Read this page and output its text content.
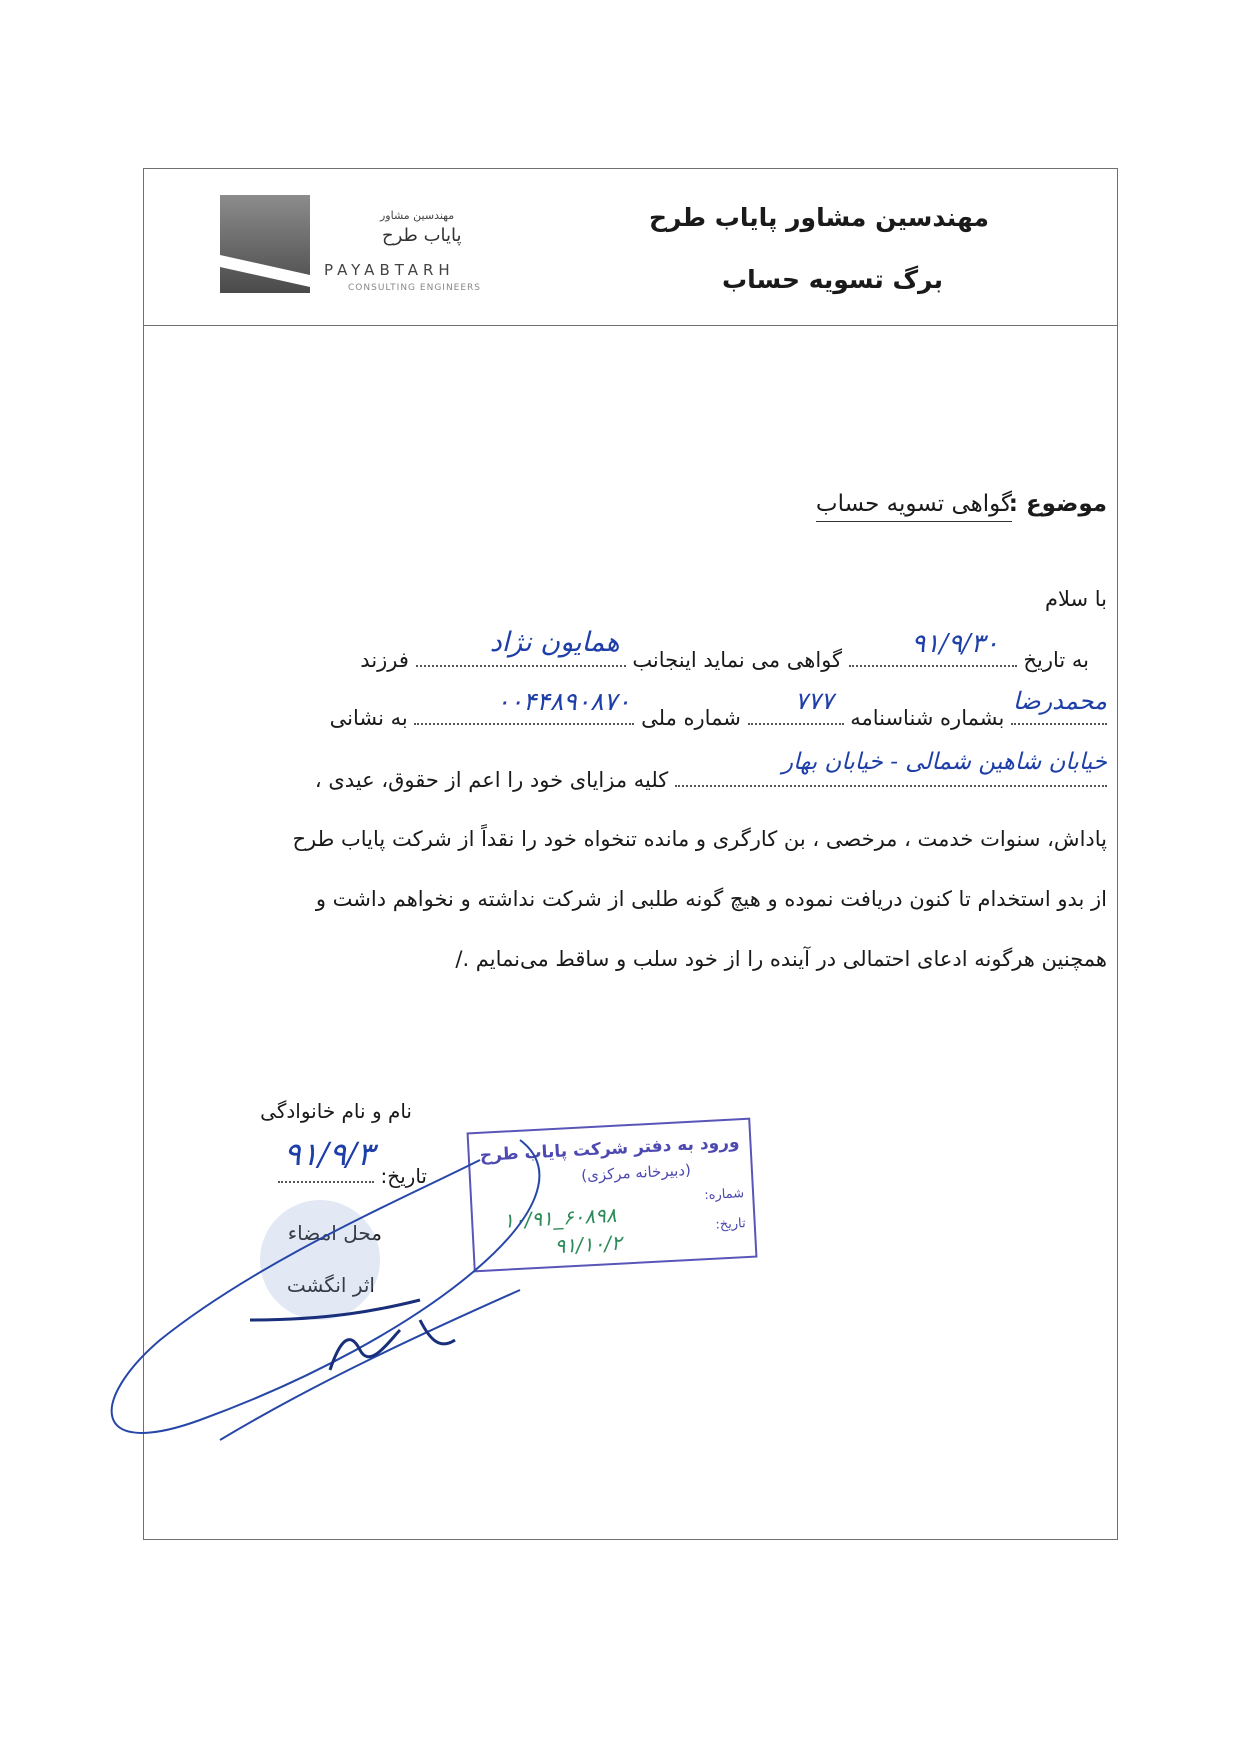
مهندسین مشاور پایاب طرح
برگ تسویه حساب
مهندسین مشاور
پایاب طرح
PAYABTARH
CONSULTING ENGINEERS
موضوع :
گواهی تسویه حساب
با سلام
به تاریخ
۹۱/۹/۳۰
گواهی می نماید اینجانب
همایون نژاد
فرزند
محمدرضا
بشماره شناسنامه
۷۷۷
شماره ملی
۰۰۴۴۸۹۰۸۷۰
به نشانی
خیابان شاهین شمالی - خیابان بهار
کلیه مزایای خود را اعم از حقوق، عیدی ،
پاداش، سنوات خدمت ، مرخصی ، بن کارگری و مانده تنخواه خود را نقداً از شرکت پایاب طرح
از بدو استخدام تا کنون دریافت نموده و هیچ گونه طلبی از شرکت نداشته و نخواهم داشت و
همچنین هرگونه ادعای احتمالی در آینده را از خود سلب و ساقط می‌نمایم ./
نام و نام خانوادگی
تاریخ:
۹۱/۹/۳
محل امضاء
اثر انگشت
ورود به دفتر شرکت پایاب طرح
(دبیرخانه مرکزی)
شماره:
تاریخ:
۱۰/۹۱_۶۰۸۹۸
۹۱/۱۰/۲
